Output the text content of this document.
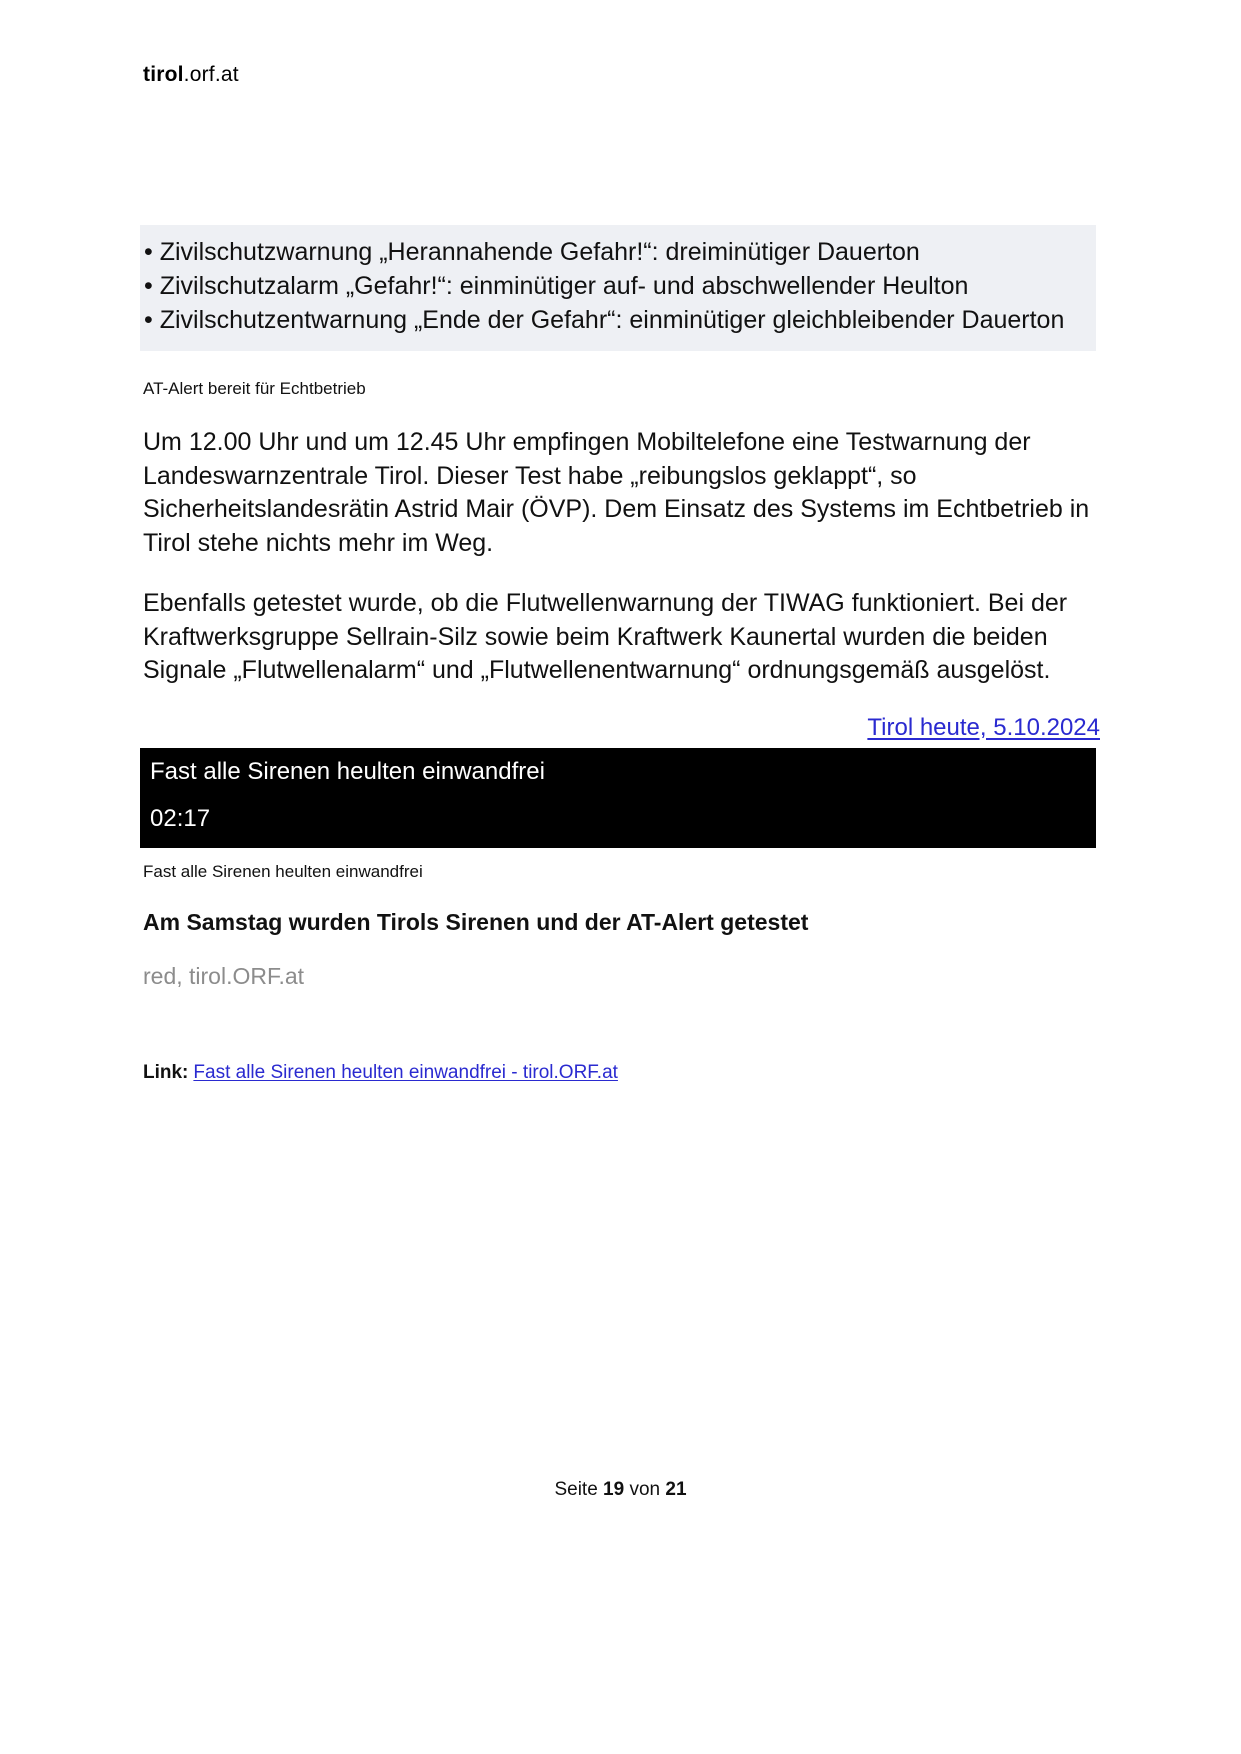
tirol.orf.at
• Zivilschutzwarnung „Herannahende Gefahr!“: dreiminütiger Dauerton
• Zivilschutzalarm „Gefahr!“: einminütiger auf- und abschwellender Heulton
• Zivilschutzentwarnung „Ende der Gefahr“: einminütiger gleichbleibender Dauerton
AT-Alert bereit für Echtbetrieb
Um 12.00 Uhr und um 12.45 Uhr empfingen Mobiltelefone eine Testwarnung der Landeswarnzentrale Tirol. Dieser Test habe „reibungslos geklappt“, so Sicherheitslandesrätin Astrid Mair (ÖVP). Dem Einsatz des Systems im Echtbetrieb in Tirol stehe nichts mehr im Weg.
Ebenfalls getestet wurde, ob die Flutwellenwarnung der TIWAG funktioniert. Bei der Kraftwerksgruppe Sellrain-Silz sowie beim Kraftwerk Kaunertal wurden die beiden Signale „Flutwellenalarm“ und „Flutwellenentwarnung“ ordnungsgemäß ausgelöst.
Tirol heute, 5.10.2024
Fast alle Sirenen heulten einwandfrei
02:17
Fast alle Sirenen heulten einwandfrei
Am Samstag wurden Tirols Sirenen und der AT-Alert getestet
red, tirol.ORF.at
Link: Fast alle Sirenen heulten einwandfrei - tirol.ORF.at
Seite 19 von 21
